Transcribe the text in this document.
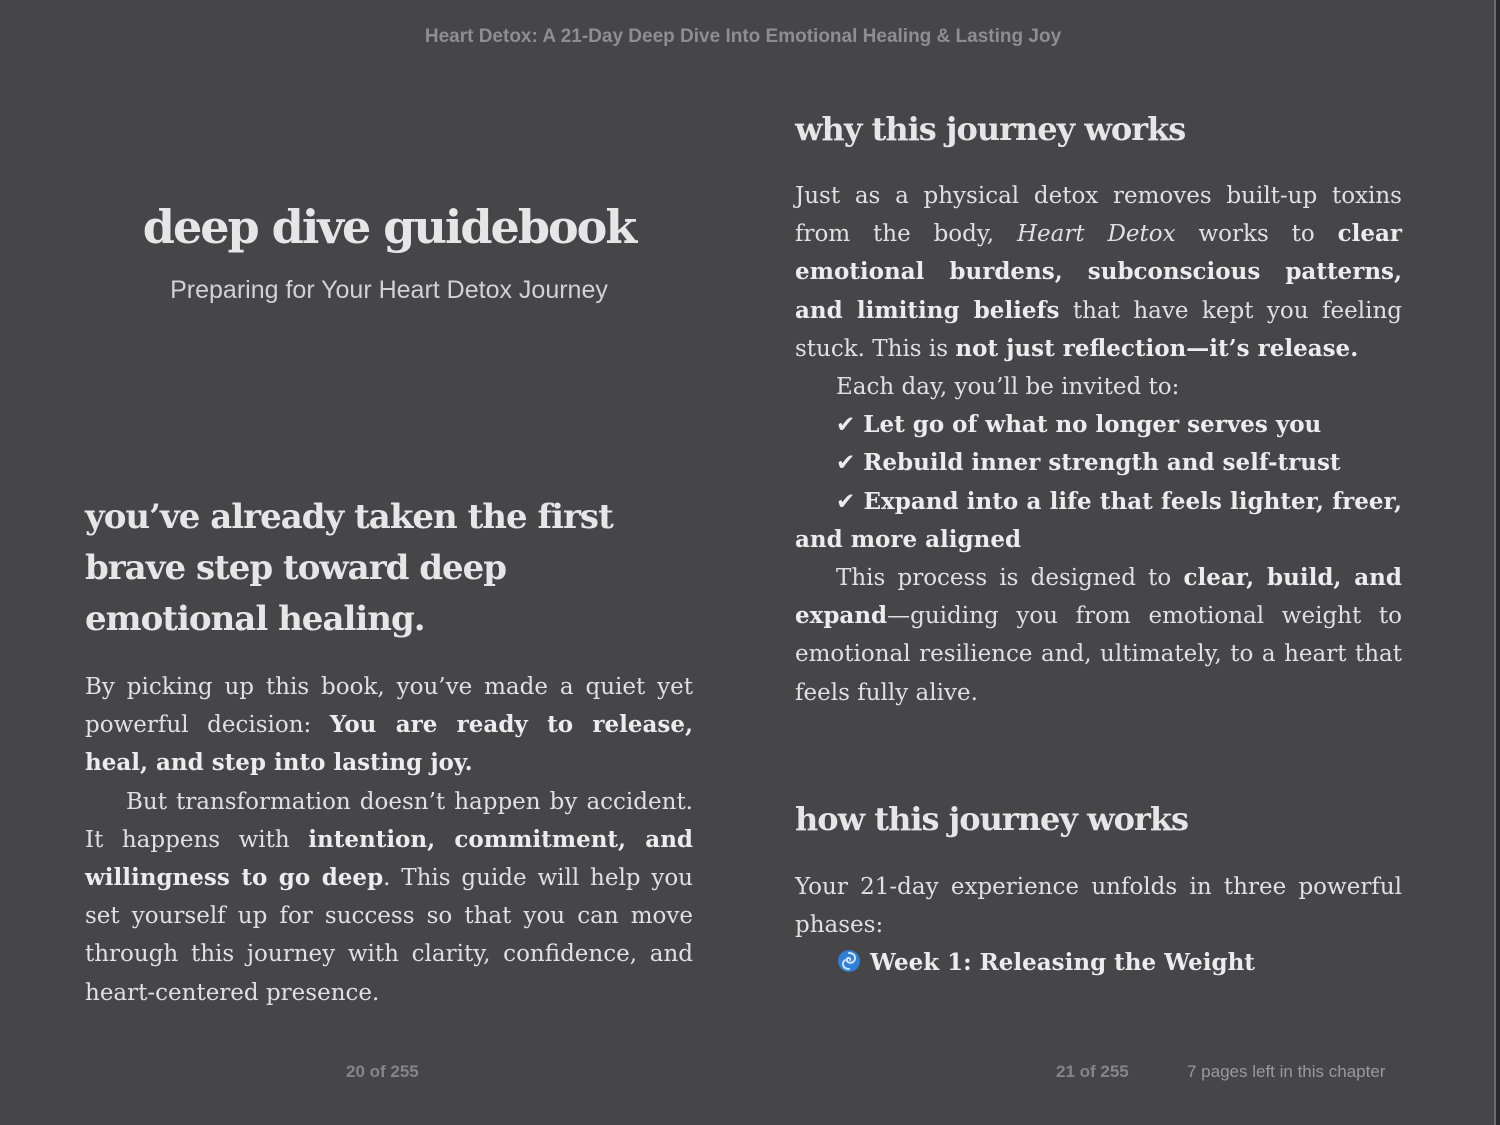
Heart Detox: A 21-Day Deep Dive Into Emotional Healing & Lasting Joy
deep dive guidebook
Preparing for Your Heart Detox Journey
you’ve already taken the first brave step toward deep emotional healing.

By picking up this book, you’ve made a quiet yet powerful decision: You are ready to release, heal, and step into lasting joy.

But transformation doesn’t happen by accident. It happens with intention, commitment, and willingness to go deep. This guide will help you set yourself up for success so that you can move through this journey with clarity, confidence, and heart-centered presence.

20 of 255
why this journey works

Just as a physical detox removes built-up toxins from the body, Heart Detox works to clear emotional burdens, subconscious patterns, and limiting beliefs that have kept you feeling stuck. This is not just reflection—it’s release.

Each day, you’ll be invited to:

✔ Let go of what no longer serves you

✔ Rebuild inner strength and self-trust

✔ Expand into a life that feels lighter, freer, and more aligned

This process is designed to clear, build, and expand—guiding you from emotional weight to emotional resilience and, ultimately, to a heart that feels fully alive.

how this journey works

Your 21-day experience unfolds in three powerful phases:

Week 1: Releasing the Weight

21 of 255	7 pages left in this chapter
